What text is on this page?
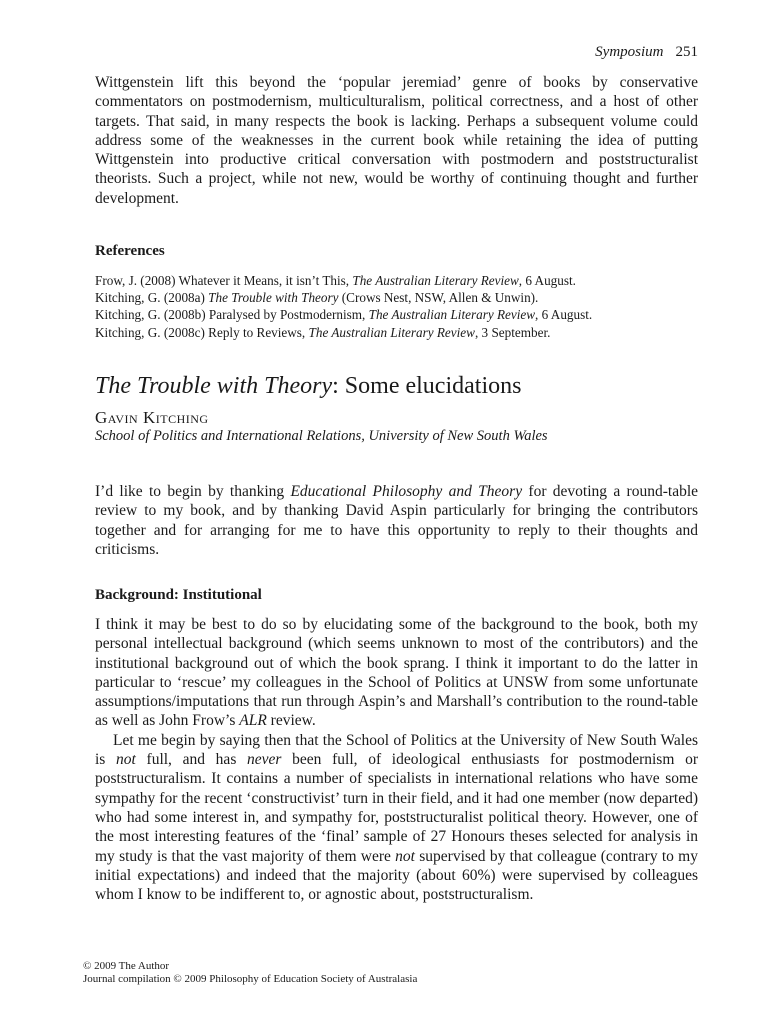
Symposium 251

Wittgenstein lift this beyond the ‘popular jeremiad’ genre of books by conservative commentators on postmodernism, multiculturalism, political correctness, and a host of other targets. That said, in many respects the book is lacking. Perhaps a subsequent volume could address some of the weaknesses in the current book while retaining the idea of putting Wittgenstein into productive critical conversation with postmodern and poststructuralist theorists. Such a project, while not new, would be worthy of continuing thought and further development.

References
Frow, J. (2008) Whatever it Means, it isn’t This, The Australian Literary Review, 6 August.
Kitching, G. (2008a) The Trouble with Theory (Crows Nest, NSW, Allen & Unwin).
Kitching, G. (2008b) Paralysed by Postmodernism, The Australian Literary Review, 6 August.
Kitching, G. (2008c) Reply to Reviews, The Australian Literary Review, 3 September.
The Trouble with Theory: Some elucidations
Gavin Kitching
School of Politics and International Relations, University of New South Wales

I’d like to begin by thanking Educational Philosophy and Theory for devoting a round-table review to my book, and by thanking David Aspin particularly for bringing the contributors together and for arranging for me to have this opportunity to reply to their thoughts and criticisms.

Background: Institutional

I think it may be best to do so by elucidating some of the background to the book, both my personal intellectual background (which seems unknown to most of the contributors) and the institutional background out of which the book sprang. I think it important to do the latter in particular to ‘rescue’ my colleagues in the School of Politics at UNSW from some unfortunate assumptions/imputations that run through Aspin’s and Marshall’s contribution to the round-table as well as John Frow’s ALR review.

Let me begin by saying then that the School of Politics at the University of New South Wales is not full, and has never been full, of ideological enthusiasts for postmodernism or poststructuralism. It contains a number of specialists in international relations who have some sympathy for the recent ‘constructivist’ turn in their field, and it had one member (now departed) who had some interest in, and sympathy for, poststructuralist political theory. However, one of the most interesting features of the ‘final’ sample of 27 Honours theses selected for analysis in my study is that the vast majority of them were not supervised by that colleague (contrary to my initial expectations) and indeed that the majority (about 60%) were supervised by colleagues whom I know to be indifferent to, or agnostic about, poststructuralism.

© 2009 The Author
Journal compilation © 2009 Philosophy of Education Society of Australasia
